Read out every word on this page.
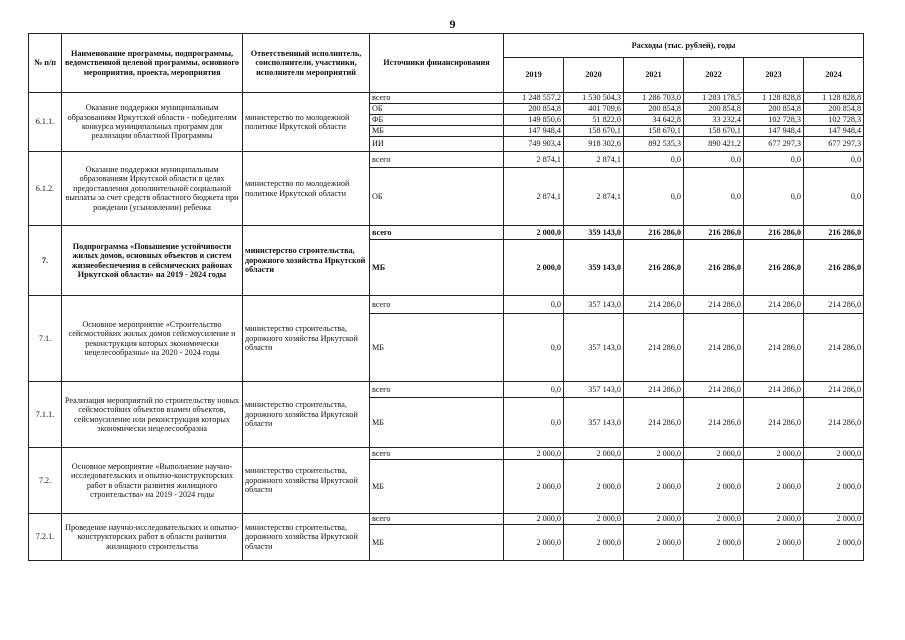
9
№ п/п	Наименование программы, подпрограммы, ведомственной целевой программы, основного мероприятия, проекта, мероприятия	Ответственный исполнитель, соисполнители, участники, исполнители мероприятий	Источники финансирования	Расходы (тыс. рублей), годы					
				2019	2020	2021	2022	2023	2024
6.1.1.	Оказание поддержки муниципальным образованиям Иркутской области - победителям конкурса муниципальных программ для реализации областной Программы	министерство по молодежной политике Иркутской области	всего	1 248 557,2	1 530 504,3	1 286 703,0	1 283 178,5	1 128 828,8	1 128 828,8
			ОБ	200 854,8	401 709,6	200 854,8	200 854,8	200 854,8	200 854,8
			ФБ	149 850,6	51 822,0	34 642,8	33 232,4	102 728,3	102 728,3
			МБ	147 948,4	158 670,1	158 670,1	158 670,1	147 948,4	147 948,4
			ИИ	749 903,4	918 302,6	892 535,3	890 421,2	677 297,3	677 297,3
6.1.2.	Оказание поддержки муниципальным образованиям Иркутской области в целях предоставления дополнительной социальной выплаты за счет средств областного бюджета при рождении (усыновлении) ребенка	министерство по молодежной политике Иркутской области	всего	2 874,1	2 874,1	0,0	0,0	0,0	0,0
			ОБ	2 874,1	2 874,1	0,0	0,0	0,0	0,0
7.	Подпрограмма «Повышение устойчивости жилых домов, основных объектов и систем жизнеобеспечения в сейсмических районах Иркутской области» на 2019 - 2024 годы	министерство строительства, дорожного хозяйства Иркутской области	всего	2 000,0	359 143,0	216 286,0	216 286,0	216 286,0	216 286,0
			МБ	2 000,0	359 143,0	216 286,0	216 286,0	216 286,0	216 286,0
7.1.	Основное мероприятие «Строительство сейсмостойких жилых домов сейсмоусиление и реконструкция которых экономически нецелесообразны» на 2020 - 2024 годы	министерство строительства, дорожного хозяйства Иркутской области	всего	0,0	357 143,0	214 286,0	214 286,0	214 286,0	214 286,0
			МБ	0,0	357 143,0	214 286,0	214 286,0	214 286,0	214 286,0
7.1.1.	Реализация мероприятий по строительству новых сейсмостойких объектов взамен объектов, сейсмоусиление или реконструкция которых экономически нецелесообразна	министерство строительства, дорожного хозяйства Иркутской области	всего	0,0	357 143,0	214 286,0	214 286,0	214 286,0	214 286,0
			МБ	0,0	357 143,0	214 286,0	214 286,0	214 286,0	214 286,0
7.2.	Основное мероприятие «Выполнение научно-исследовательских и опытно-конструкторских работ в области развития жилищного строительства» на 2019 - 2024 годы	министерство строительства, дорожного хозяйства Иркутской области	всего	2 000,0	2 000,0	2 000,0	2 000,0	2 000,0	2 000,0
			МБ	2 000,0	2 000,0	2 000,0	2 000,0	2 000,0	2 000,0
7.2.1.	Проведение научно-исследовательских и опытно-конструкторских работ в области развития жилищного строительства	министерство строительства, дорожного хозяйства Иркутской области	всего	2 000,0	2 000,0	2 000,0	2 000,0	2 000,0	2 000,0
			МБ	2 000,0	2 000,0	2 000,0	2 000,0	2 000,0	2 000,0
